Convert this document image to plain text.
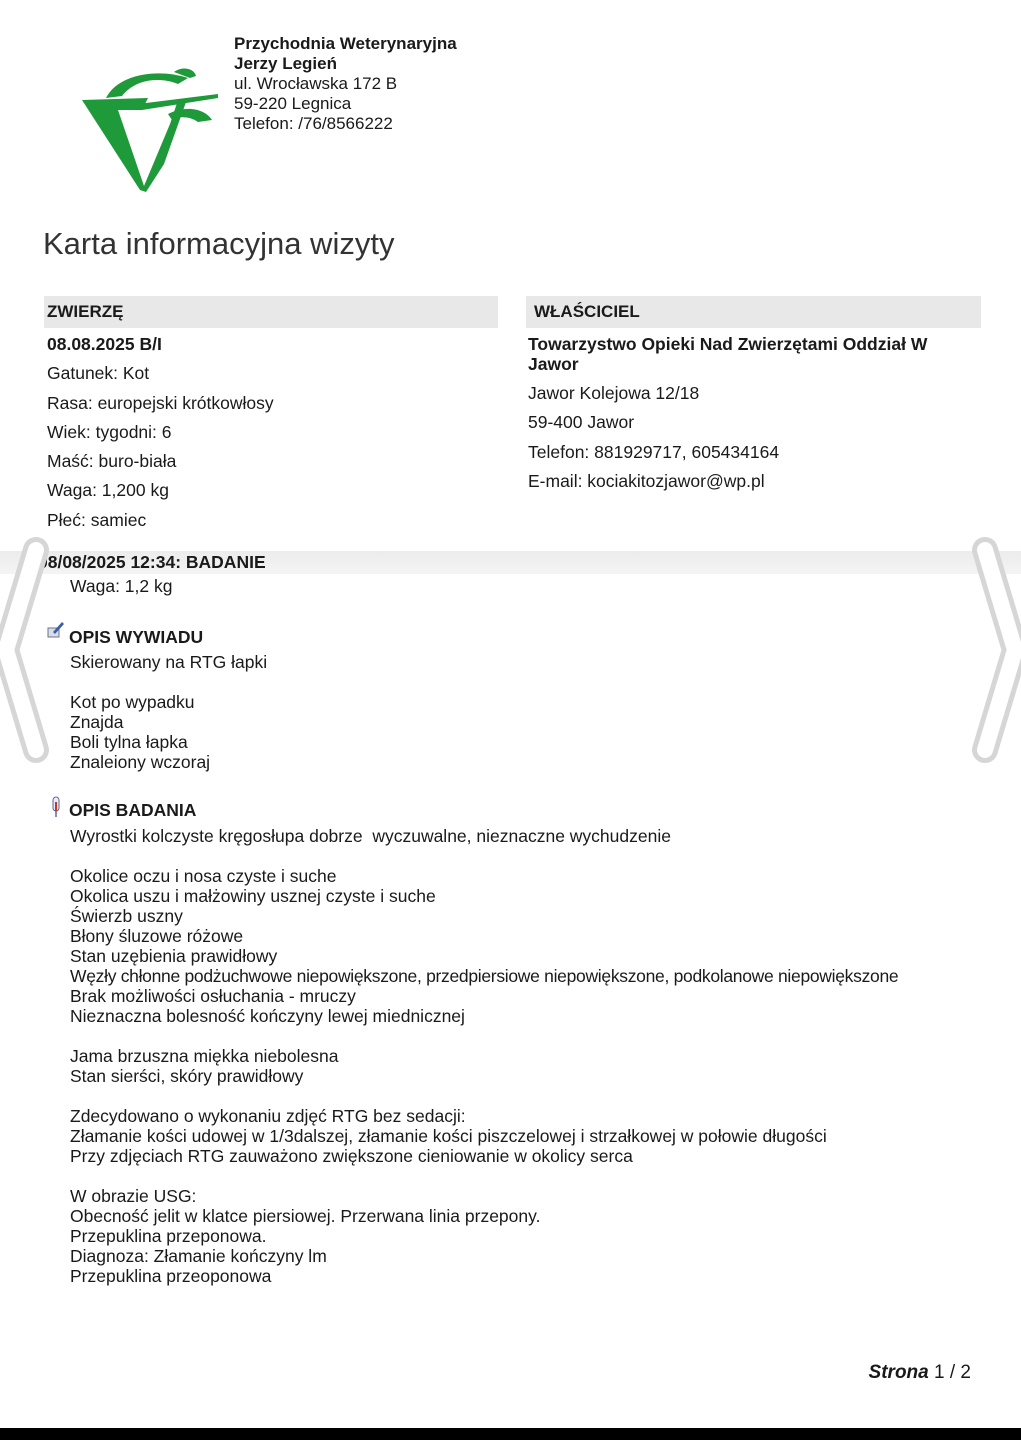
Przychodnia Weterynaryjna
Jerzy Legień
ul. Wrocławska 172 B
59-220 Legnica
Telefon: /76/8566222
Karta informacyjna wizyty
ZWIERZĘ
08.08.2025 B/I
Gatunek: Kot
Rasa: europejski krótkowłosy
Wiek: tygodni: 6
Maść: buro-biała
Waga: 1,200 kg
Płeć: samiec
WŁAŚCICIEL
Towarzystwo Opieki Nad Zwierzętami Oddział W Jawor
Jawor Kolejowa 12/18
59-400 Jawor
Telefon: 881929717, 605434164
E-mail: kociakitozjawor@wp.pl
08/08/2025 12:34: BADANIE
Waga: 1,2 kg
OPIS WYWIADU
Skierowany na RTG łapki
Kot po wypadku
Znajda
Boli tylna łapka
Znaleiony wczoraj
OPIS BADANIA
Wyrostki kolczyste kręgosłupa dobrze  wyczuwalne, nieznaczne wychudzenie
Okolice oczu i nosa czyste i suche
Okolica uszu i małżowiny usznej czyste i suche
Świerzb uszny
Błony śluzowe różowe
Stan uzębienia prawidłowy
Węzły chłonne podżuchwowe niepowiększone, przedpiersiowe niepowiększone, podkolanowe niepowiększone
Brak możliwości osłuchania - mruczy
Nieznaczna bolesność kończyny lewej miednicznej
Jama brzuszna miękka niebolesna
Stan sierści, skóry prawidłowy
Zdecydowano o wykonaniu zdjęć RTG bez sedacji:
Złamanie kości udowej w 1/3dalszej, złamanie kości piszczelowej i strzałkowej w połowie długości
Przy zdjęciach RTG zauważono zwiększone cieniowanie w okolicy serca
W obrazie USG:
Obecność jelit w klatce piersiowej. Przerwana linia przepony.
Przepuklina przeponowa.
Diagnoza: Złamanie kończyny lm
Przepuklina przeoponowa
Strona 1 / 2
